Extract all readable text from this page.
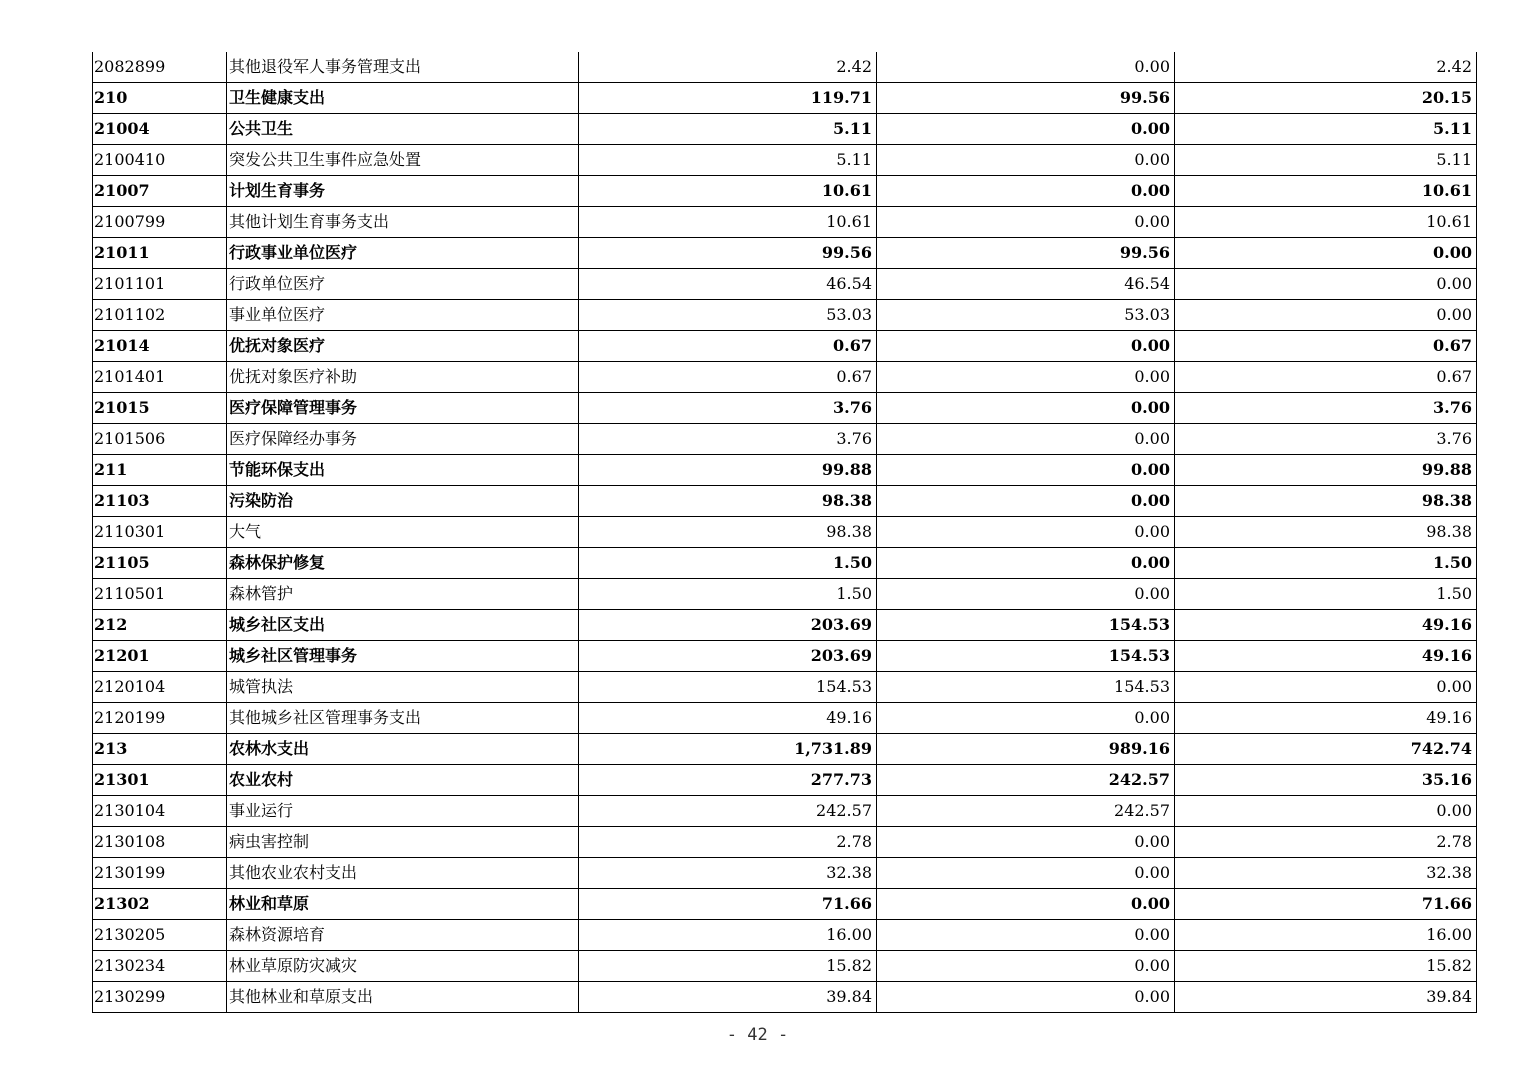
2082899	其他退役军人事务管理支出	2.42	0.00	2.42
210	卫生健康支出	119.71	99.56	20.15
21004	公共卫生	5.11	0.00	5.11
2100410	突发公共卫生事件应急处置	5.11	0.00	5.11
21007	计划生育事务	10.61	0.00	10.61
2100799	其他计划生育事务支出	10.61	0.00	10.61
21011	行政事业单位医疗	99.56	99.56	0.00
2101101	行政单位医疗	46.54	46.54	0.00
2101102	事业单位医疗	53.03	53.03	0.00
21014	优抚对象医疗	0.67	0.00	0.67
2101401	优抚对象医疗补助	0.67	0.00	0.67
21015	医疗保障管理事务	3.76	0.00	3.76
2101506	医疗保障经办事务	3.76	0.00	3.76
211	节能环保支出	99.88	0.00	99.88
21103	污染防治	98.38	0.00	98.38
2110301	大气	98.38	0.00	98.38
21105	森林保护修复	1.50	0.00	1.50
2110501	森林管护	1.50	0.00	1.50
212	城乡社区支出	203.69	154.53	49.16
21201	城乡社区管理事务	203.69	154.53	49.16
2120104	城管执法	154.53	154.53	0.00
2120199	其他城乡社区管理事务支出	49.16	0.00	49.16
213	农林水支出	1,731.89	989.16	742.74
21301	农业农村	277.73	242.57	35.16
2130104	事业运行	242.57	242.57	0.00
2130108	病虫害控制	2.78	0.00	2.78
2130199	其他农业农村支出	32.38	0.00	32.38
21302	林业和草原	71.66	0.00	71.66
2130205	森林资源培育	16.00	0.00	16.00
2130234	林业草原防灾减灾	15.82	0.00	15.82
2130299	其他林业和草原支出	39.84	0.00	39.84
- 42 -
